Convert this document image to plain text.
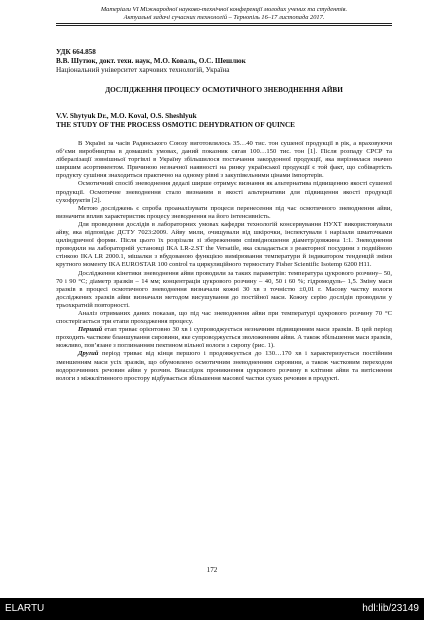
Матеріали VI Міжнародної науково-технічної конференції молодих учених та студентів.
Актуальні задачі сучасних технологій – Тернопіль 16–17 листопада 2017.
УДК 664.858
В.В. Шутюк, докт. техн. наук, М.О. Коваль, О.С. Шешлюк
Національний університет харчових технологій, Україна
ДОСЛІДЖЕННЯ ПРОЦЕСУ ОСМОТИЧНОГО ЗНЕВОДНЕННЯ АЙВИ
V.V. Shytyuk Dr., M.O. Koval, O.S. Sheshlyuk
THE STUDY OF THE PROCESS OSMOTIC DEHYDRATION OF QUINCE

В Україні за часів Радянського Союзу виготовлялось 35…40 тис. тон сушеної продукції в рік, а враховуючи об’єми виробництва в домашніх умовах, даний показник сягав 100…150 тис. тон [1]. Після розпаду СРСР та лібералізації зовнішньої торгівлі в Україну збільшилося постачання закордонної продукції, яка вирізнялася значно ширшим асортиментом. Причиною незначної наявності на ринку української продукції є той факт, що собівартість продукту сушіння знаходиться практично на одному рівні з закупівельними цінами імпортерів.

Осмотичний спосіб зневоднення дедалі ширше отримує визнання як альтернатива підвищенню якості сушеної продукції. Осмотичне зневоднення стало визнаним в якості альтернативи для підвищення якості продукції сухофруктів [2].

Метою досліджень є спроба проаналізувати процеси перенесення під час осмотичного зневоднення айви, визначити вплив характеристик процесу зневоднення на його інтенсивність.

Для проведення дослідів в лабораторних умовах кафедри технологій консервування НУХТ використовували айву, яка відповідає ДСТУ 7023:2009. Айву мили, очищували від шкірочки, інспектували і нарізали шматочками циліндричної форми. Після цього їх розрізали зі збереженням співвідношення діаметр/довжина 1:1. Зневоднення проводили на лабораторній установці IKA LR-2.ST the Versatile, яка складається з реакторної посудини з подвійною стінкою IKA LR 2000.1, мішалки з вбудованою функцією вимірювання температури й індикатором тенденцій зміни крутного моменту IKA EUROSTAR 100 control та циркуляційного термостату Fisher Scientific Isotemp 6200 H11.

Дослідження кінетики зневоднення айви проводили за таких параметрів: температура цукрового розчину– 50, 70 і 90 °C; діаметр зразків – 14 мм; концентрація цукрового розчину – 40, 50 і 60 %; гідромодуль– 1,5. Зміну маси зразків в процесі осмотичного зневоднення визначали кожні 30 хв з точністю ±0,01 г. Масову частку вологи досліджених зразків айви визначали методом висушування до постійної маси. Кожну серію дослідів проводили у трьохкратній повторності.

Аналіз отриманих даних показав, що під час зневоднення айви при температурі цукрового розчину 70 °C спостерігається три етапи проходження процесу.

Перший етап триває орієнтовно 30 хв і супроводжується незначним підвищенням маси зразків. В цей період проходить часткове бланшування сировини, яке супроводжується зволоженням айви. А також збільшення маси зразків, можливо, пов’язане з поглинанням пектином вільної вологи з сиропу (рис. 1).

Другий період триває від кінця першого і продовжується до 130…170 хв і характеризується постійним зменшенням маси усіх зразків, що обумовлено осмотичним зневодненням сировини, а також частковим переходом водорозчинних речовин айви у розчин. Внаслідок проникнення цукрового розчину в клітини айви та витіснення вологи з міжклітинного простору відбувається збільшення масової частки сухих речовин в продукті.

172
ELARTU	hdl:lib/23149
